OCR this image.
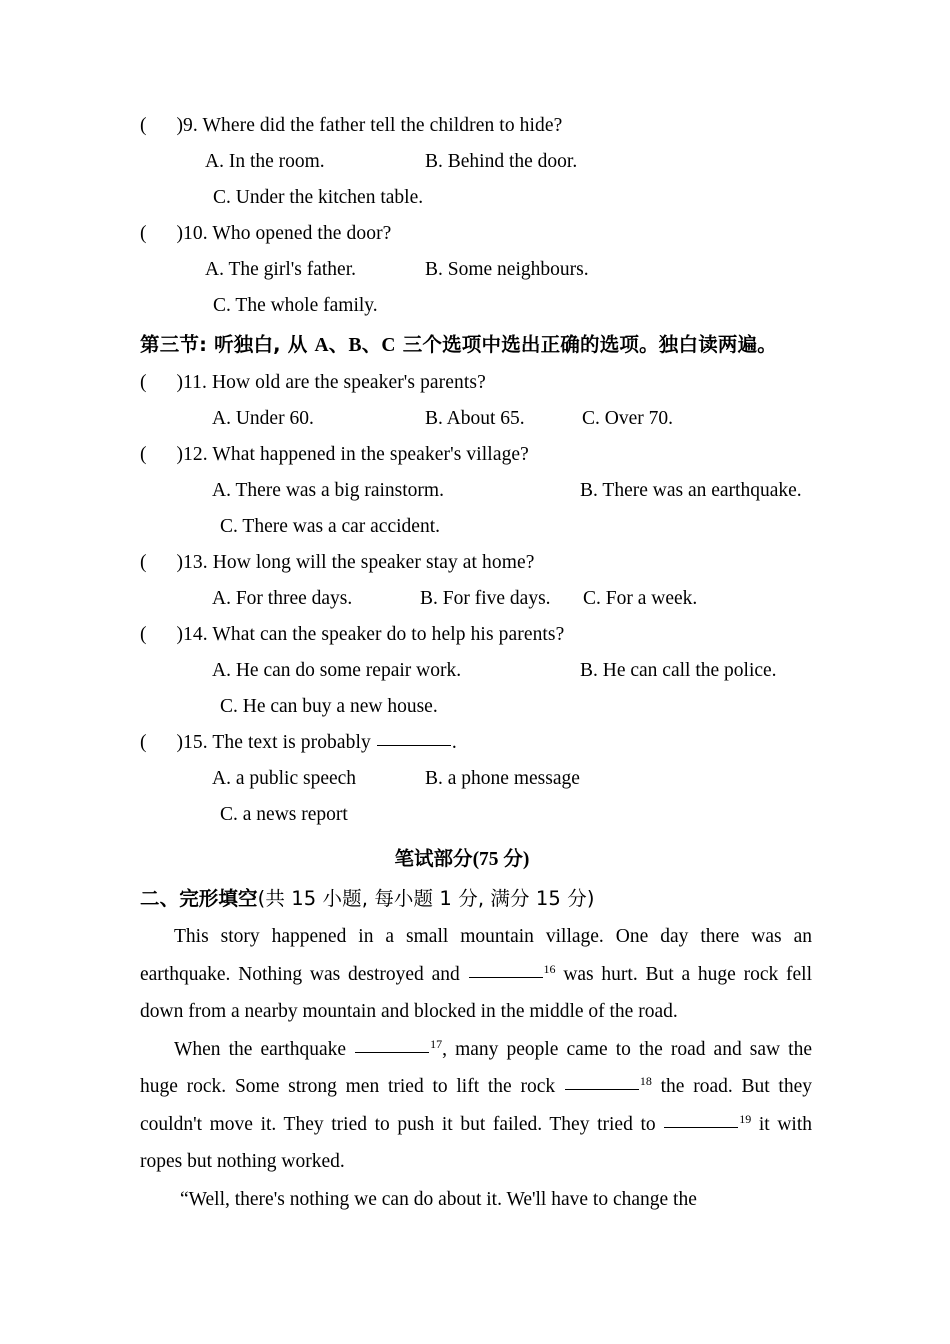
( )9. Where did the father tell the children to hide?
A. In the room.	B. Behind the door.
C. Under the kitchen table.
( )10. Who opened the door?
A. The girl's father.	B. Some neighbours.
C. The whole family.
第三节: 听独白, 从 A、B、C 三个选项中选出正确的选项。独白读两遍。
( )11. How old are the speaker's parents?
A. Under 60.	B. About 65.	C. Over 70.
( )12. What happened in the speaker's village?
A. There was a big rainstorm.	B. There was an earthquake.
C. There was a car accident.
( )13. How long will the speaker stay at home?
A. For three days.	B. For five days. C. For a week.
( )14. What can the speaker do to help his parents?
A. He can do some repair work.	B. He can call the police.
C. He can buy a new house.
( )15. The text is probably	.
A. a public speech	B. a phone message
C. a news report
笔试部分(75 分)
二、完形填空(共 15 小题, 每小题 1 分, 满分 15 分)

This story happened in a small mountain village. One day there was an earthquake. Nothing was destroyed and	$^{16}$ was hurt. But a huge rock fell down from a nearby mountain and blocked in the middle of the road.

When the earthquake	$^{17}$, many people came to the road and saw the huge rock. Some strong men tried to lift the rock	$^{18}$ the road. But they couldn't move it. They tried to push it but failed. They tried to	$^{19}$ it with ropes but nothing worked.

“Well, there's nothing we can do about it. We'll have to change the
